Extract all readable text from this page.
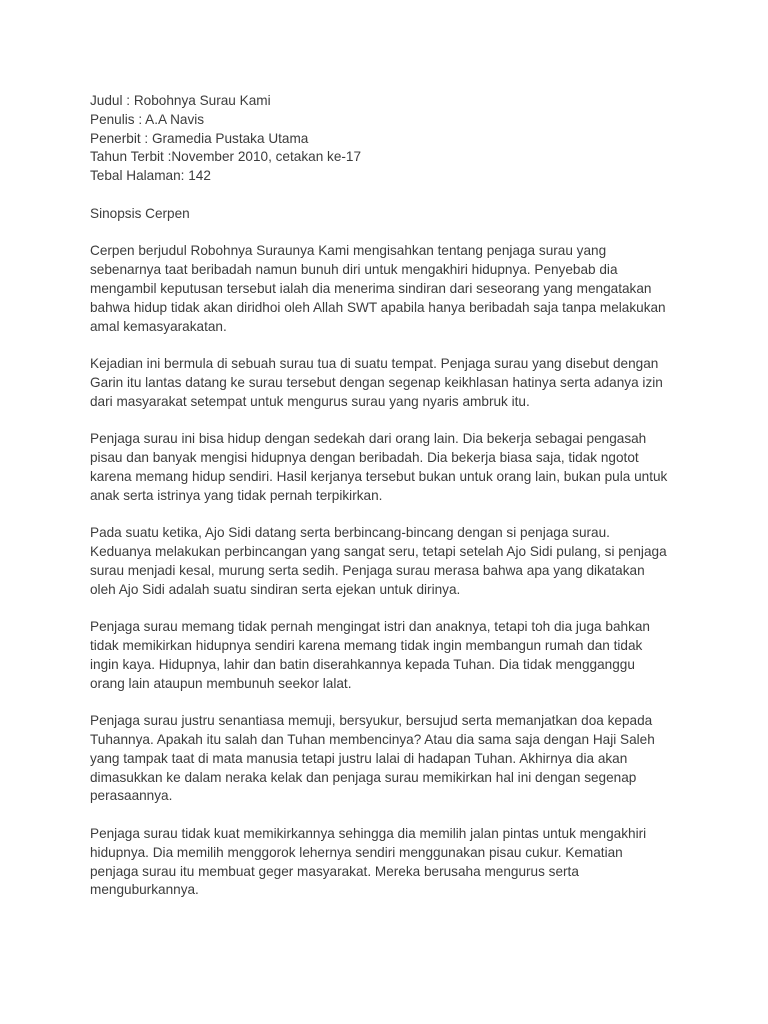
Judul : Robohnya Surau Kami
Penulis : A.A Navis
Penerbit : Gramedia Pustaka Utama
Tahun Terbit :November 2010, cetakan ke-17
Tebal Halaman: 142
Sinopsis Cerpen
Cerpen berjudul Robohnya Suraunya Kami mengisahkan tentang penjaga surau yang
sebenarnya taat beribadah namun bunuh diri untuk mengakhiri hidupnya. Penyebab dia
mengambil keputusan tersebut ialah dia menerima sindiran dari seseorang yang mengatakan
bahwa hidup tidak akan diridhoi oleh Allah SWT apabila hanya beribadah saja tanpa melakukan
amal kemasyarakatan.
Kejadian ini bermula di sebuah surau tua di suatu tempat. Penjaga surau yang disebut dengan
Garin itu lantas datang ke surau tersebut dengan segenap keikhlasan hatinya serta adanya izin
dari masyarakat setempat untuk mengurus surau yang nyaris ambruk itu.
Penjaga surau ini bisa hidup dengan sedekah dari orang lain. Dia bekerja sebagai pengasah
pisau dan banyak mengisi hidupnya dengan beribadah. Dia bekerja biasa saja, tidak ngotot
karena memang hidup sendiri. Hasil kerjanya tersebut bukan untuk orang lain, bukan pula untuk
anak serta istrinya yang tidak pernah terpikirkan.
Pada suatu ketika, Ajo Sidi datang serta berbincang-bincang dengan si penjaga surau.
Keduanya melakukan perbincangan yang sangat seru, tetapi setelah Ajo Sidi pulang, si penjaga
surau menjadi kesal, murung serta sedih. Penjaga surau merasa bahwa apa yang dikatakan
oleh Ajo Sidi adalah suatu sindiran serta ejekan untuk dirinya.
Penjaga surau memang tidak pernah mengingat istri dan anaknya, tetapi toh dia juga bahkan
tidak memikirkan hidupnya sendiri karena memang tidak ingin membangun rumah dan tidak
ingin kaya. Hidupnya, lahir dan batin diserahkannya kepada Tuhan. Dia tidak mengganggu
orang lain ataupun membunuh seekor lalat.
Penjaga surau justru senantiasa memuji, bersyukur, bersujud serta memanjatkan doa kepada
Tuhannya. Apakah itu salah dan Tuhan membencinya? Atau dia sama saja dengan Haji Saleh
yang tampak taat di mata manusia tetapi justru lalai di hadapan Tuhan. Akhirnya dia akan
dimasukkan ke dalam neraka kelak dan penjaga surau memikirkan hal ini dengan segenap
perasaannya.
Penjaga surau tidak kuat memikirkannya sehingga dia memilih jalan pintas untuk mengakhiri
hidupnya. Dia memilih menggorok lehernya sendiri menggunakan pisau cukur. Kematian
penjaga surau itu membuat geger masyarakat. Mereka berusaha mengurus serta
menguburkannya.
